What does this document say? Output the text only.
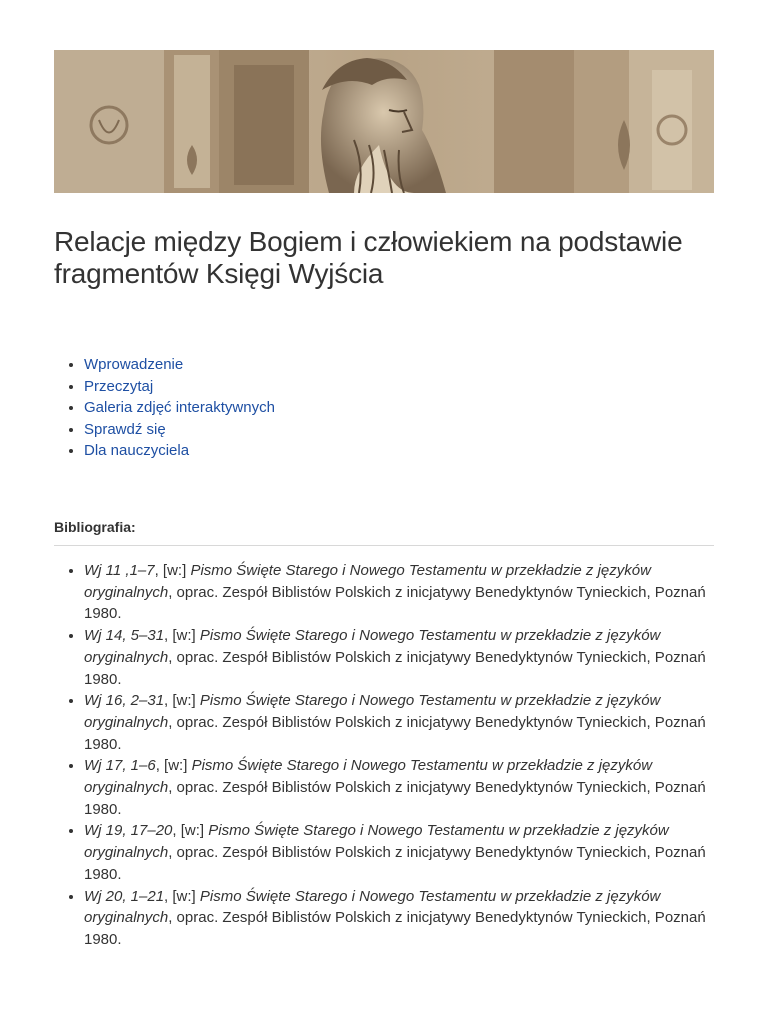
Relacje między Bogiem i człowiekiem na podstawie fragmentów Księgi Wyjścia
• Wprowadzenie
• Przeczytaj
• Galeria zdjęć interaktywnych
• Sprawdź się
• Dla nauczyciela
Bibliografia:
• Wj 11 ,1–7, [w:] Pismo Święte Starego i Nowego Testamentu w przekładzie z języków oryginalnych, oprac. Zespół Biblistów Polskich z inicjatywy Benedyktynów Tynieckich, Poznań 1980.
• Wj 14, 5–31, [w:] Pismo Święte Starego i Nowego Testamentu w przekładzie z języków oryginalnych, oprac. Zespół Biblistów Polskich z inicjatywy Benedyktynów Tynieckich, Poznań 1980.
• Wj 16, 2–31, [w:] Pismo Święte Starego i Nowego Testamentu w przekładzie z języków oryginalnych, oprac. Zespół Biblistów Polskich z inicjatywy Benedyktynów Tynieckich, Poznań 1980.
• Wj 17, 1–6, [w:] Pismo Święte Starego i Nowego Testamentu w przekładzie z języków oryginalnych, oprac. Zespół Biblistów Polskich z inicjatywy Benedyktynów Tynieckich, Poznań 1980.
• Wj 19, 17–20, [w:] Pismo Święte Starego i Nowego Testamentu w przekładzie z języków oryginalnych, oprac. Zespół Biblistów Polskich z inicjatywy Benedyktynów Tynieckich, Poznań 1980.
• Wj 20, 1–21, [w:] Pismo Święte Starego i Nowego Testamentu w przekładzie z języków oryginalnych, oprac. Zespół Biblistów Polskich z inicjatywy Benedyktynów Tynieckich, Poznań 1980.
